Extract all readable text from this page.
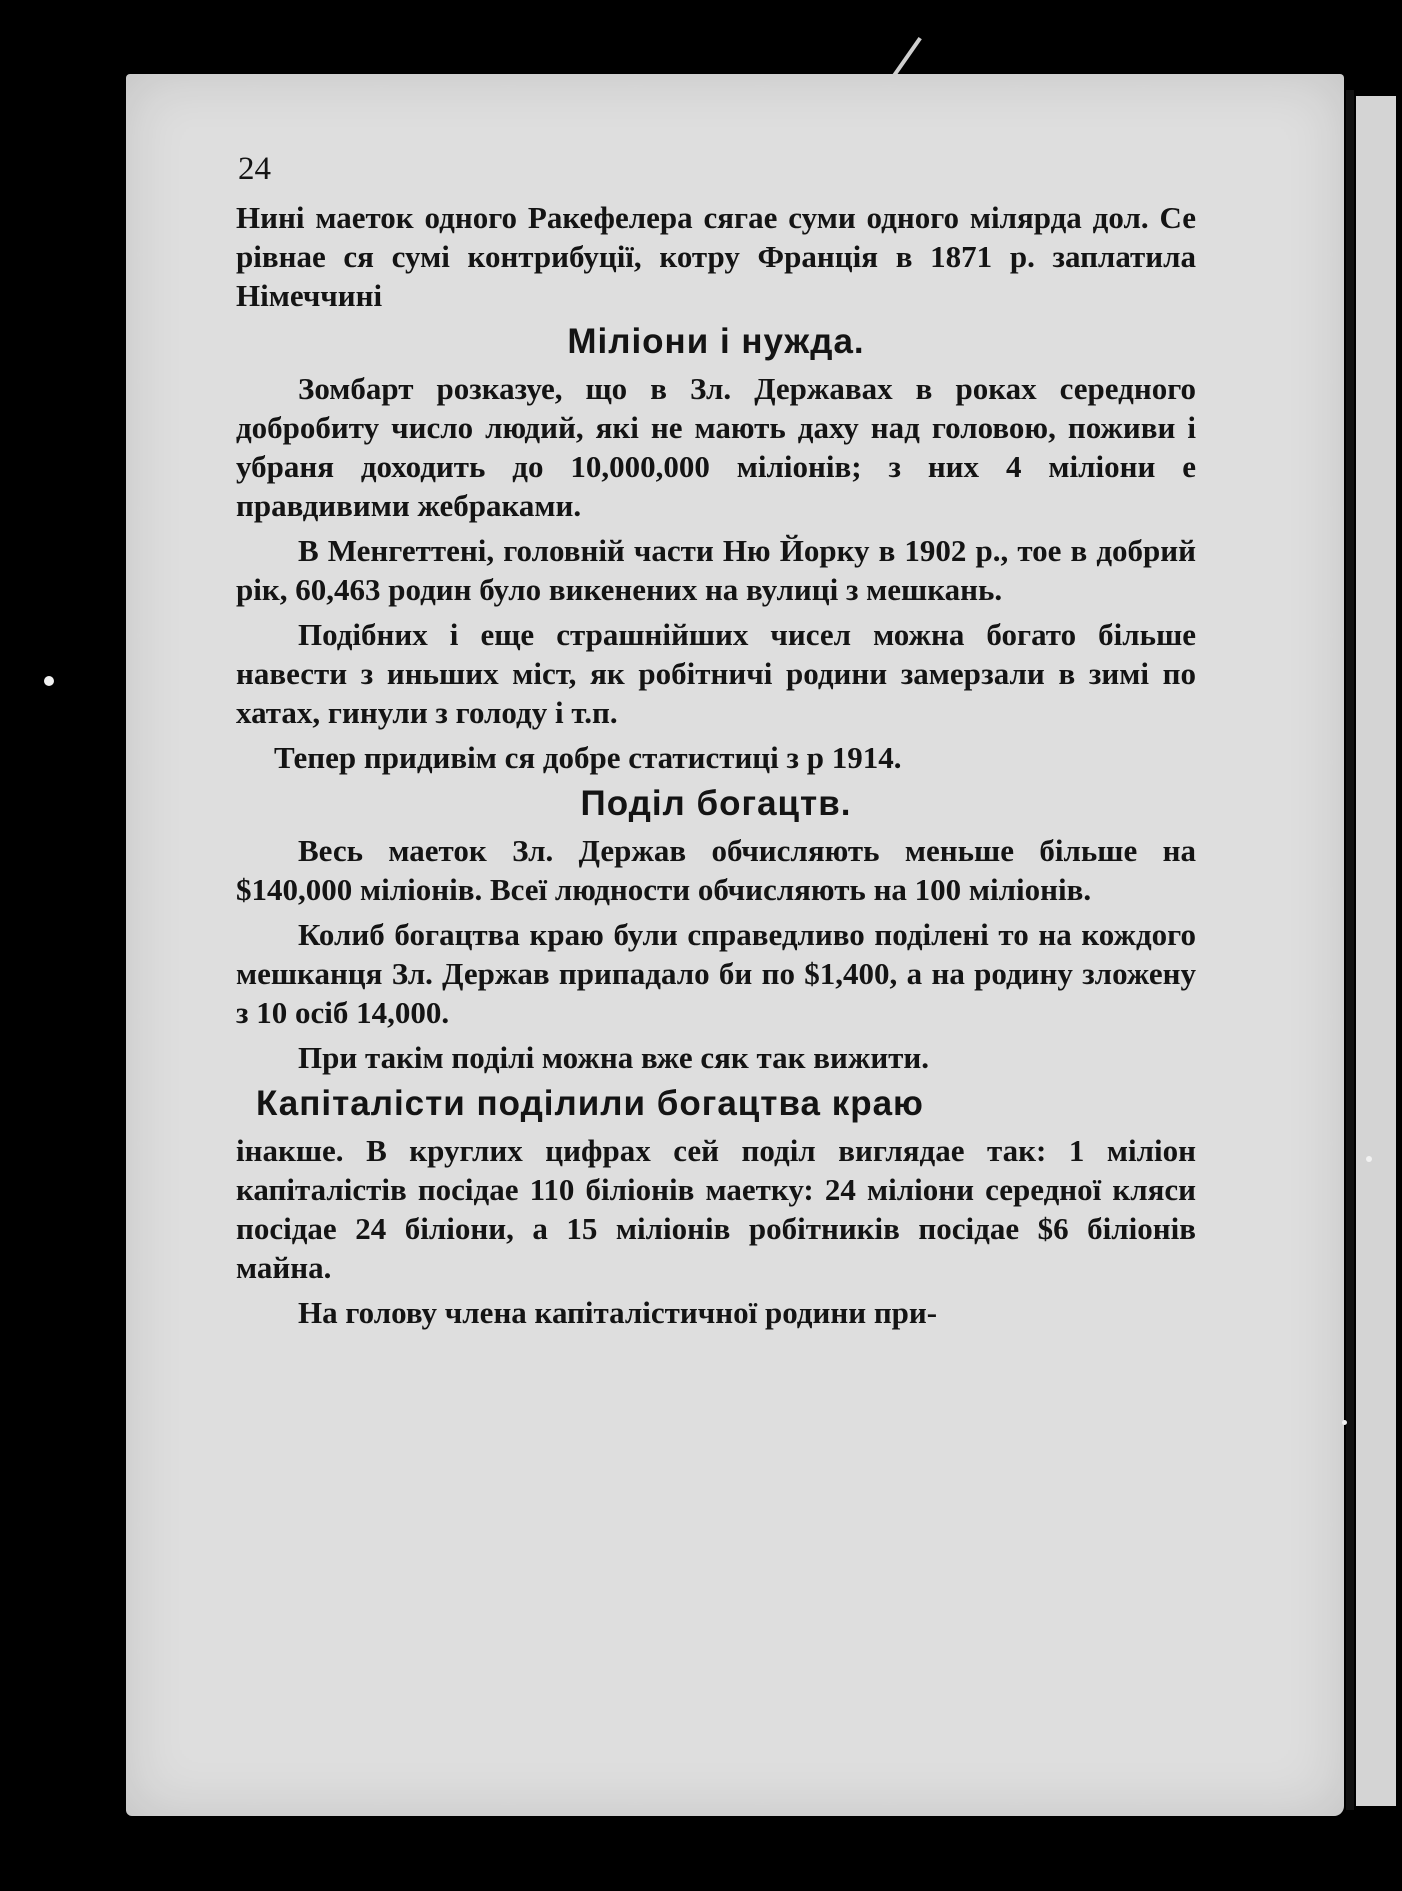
24

Нині маеток одного Ракефелера сягае суми одного мілярда дол. Се рівнае ся сумі контрибуції, котру Франція в 1871 р. заплатила Німеччині

Міліони і нужда.

Зомбарт розказуе, що в Зл. Державах в роках середного добробиту число людий, які не мають даху над головою, поживи і убраня доходить до 10,000,000 міліонів; з них 4 міліони е правдивими жебраками.

В Менгеттені, головній части Ню Йорку в 1902 р., тое в добрий рік, 60,463 родин було викенених на вулиці з мешкань.

Подібних і еще страшнійших чисел можна богато більше навести з иньших міст, як робітничі родини замерзали в зимі по хатах, гинули з голоду і т.п.

Тепер придивім ся добре статистиці з р 1914.

Поділ богацтв.

Весь маеток Зл. Держав обчисляють меньше більше на $140,000 міліонів. Всеї людности обчисляють на 100 міліонів.

Колиб богацтва краю були справедливо поділені то на кождого мешканця Зл. Держав припадало би по $1,400, а на родину зложену з 10 осіб 14,000.

При такім поділі можна вже сяк так вижити.

Капіталісти поділили богацтва краю

інакше. В круглих цифрах сей поділ виглядае так: 1 міліон капіталістів посідае 110 біліонів маетку: 24 міліони середної кляси посідае 24 біліони, а 15 міліонів робітників посідае $6 біліонів майна.

На голову члена капіталістичної родини при-
